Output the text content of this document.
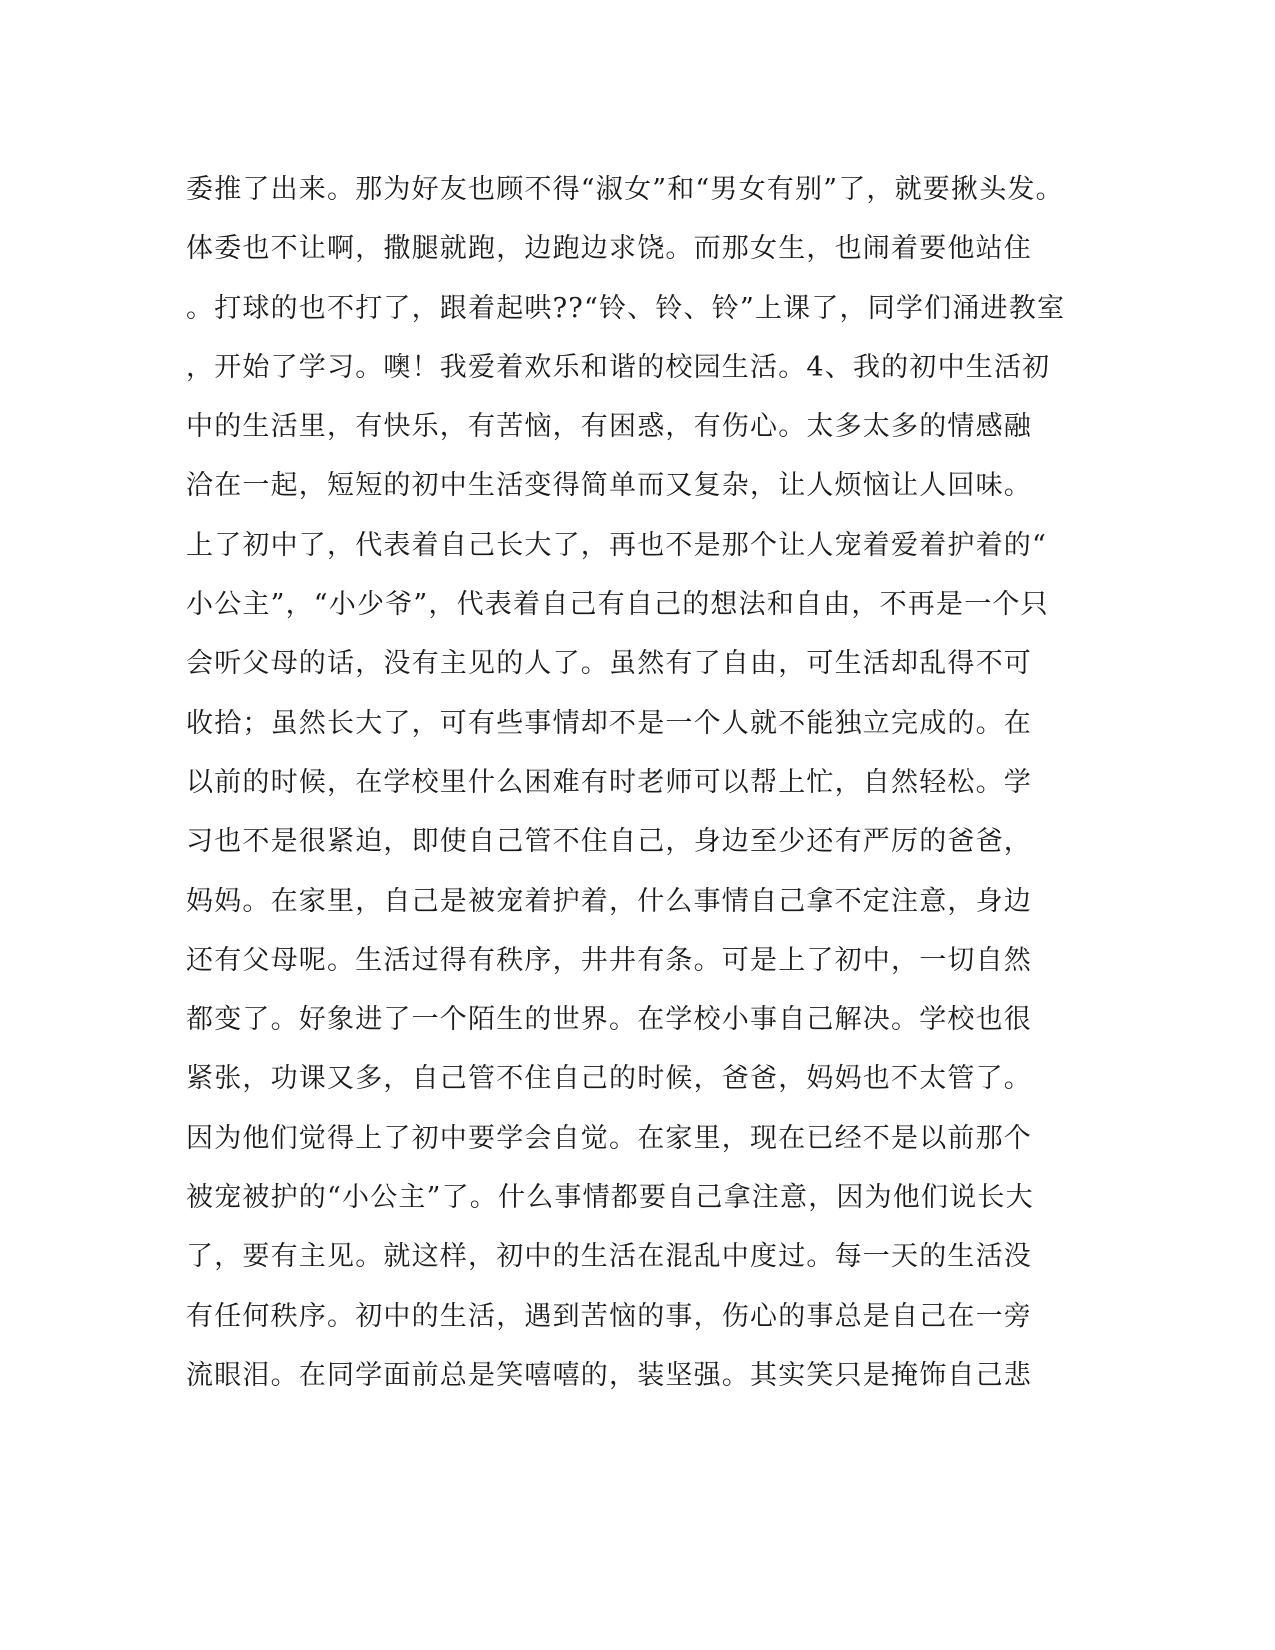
委推了出来。那为好友也顾不得“淑女”和“男女有别”了，就要揪头发。
体委也不让啊，撒腿就跑，边跑边求饶。而那女生，也闹着要他站住
。打球的也不打了，跟着起哄??“铃、铃、铃”上课了，同学们涌进教室
，开始了学习。噢！我爱着欢乐和谐的校园生活。4、我的初中生活初
中的生活里，有快乐，有苦恼，有困惑，有伤心。太多太多的情感融
洽在一起，短短的初中生活变得简单而又复杂，让人烦恼让人回味。
上了初中了，代表着自己长大了，再也不是那个让人宠着爱着护着的“
小公主”，“小少爷”，代表着自己有自己的想法和自由，不再是一个只
会听父母的话，没有主见的人了。虽然有了自由，可生活却乱得不可
收拾；虽然长大了，可有些事情却不是一个人就不能独立完成的。在
以前的时候，在学校里什么困难有时老师可以帮上忙，自然轻松。学
习也不是很紧迫，即使自己管不住自己，身边至少还有严厉的爸爸，
妈妈。在家里，自己是被宠着护着，什么事情自己拿不定注意，身边
还有父母呢。生活过得有秩序，井井有条。可是上了初中，一切自然
都变了。好象进了一个陌生的世界。在学校小事自己解决。学校也很
紧张，功课又多，自己管不住自己的时候，爸爸，妈妈也不太管了。
因为他们觉得上了初中要学会自觉。在家里，现在已经不是以前那个
被宠被护的“小公主”了。什么事情都要自己拿注意，因为他们说长大
了，要有主见。就这样，初中的生活在混乱中度过。每一天的生活没
有任何秩序。初中的生活，遇到苦恼的事，伤心的事总是自己在一旁
流眼泪。在同学面前总是笑嘻嘻的，装坚强。其实笑只是掩饰自己悲
